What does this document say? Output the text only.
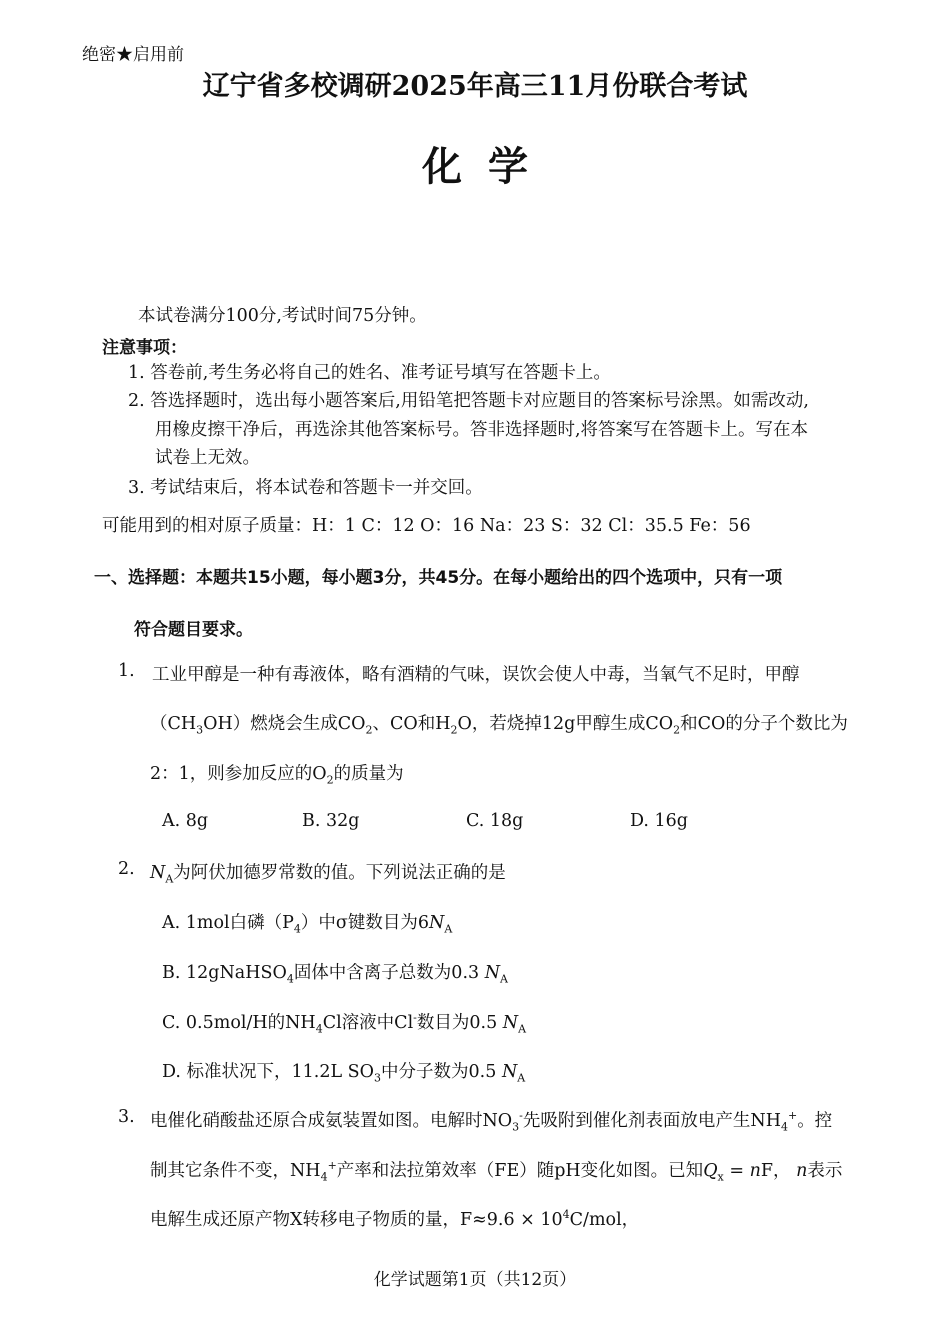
绝密★启用前
辽宁省多校调研2025年高三11月份联合考试
化学
本试卷满分100分,考试时间75分钟。
注意事项：
1. 答卷前,考生务必将自己的姓名、准考证号填写在答题卡上。
2. 答选择题时，选出每小题答案后,用铅笔把答题卡对应题目的答案标号涂黑。如需改动,
用橡皮擦干净后，再选涂其他答案标号。答非选择题时,将答案写在答题卡上。写在本
试卷上无效。
3. 考试结束后，将本试卷和答题卡一并交回。
可能用到的相对原子质量：H：1 C：12 O：16 Na：23 S：32 Cl：35.5 Fe：56
一、选择题：本题共15小题，每小题3分，共45分。在每小题给出的四个选项中，只有一项
符合题目要求。
1. 工业甲醇是一种有毒液体，略有酒精的气味，误饮会使人中毒，当氧气不足时，甲醇
$(CH_3OH)$燃烧会生成$CO_2$、CO和$H_2O$，若烧掉12g甲醇生成$CO_2$和CO的分子个数比为
2：1，则参加反应的$O_2$的质量为
A. 8g	B. 32g	C. 18g	D. 16g
2. $N_A$为阿伏加德罗常数的值。下列说法正确的是
A. 1mol白磷$(P_4)$中σ键数目为$6N_A$
B. 12gNaHSO$_4$固体中含离子总数为0.3 $N_A$
C. 0.5mol/H的$NH_4Cl$溶液中Cl-数目为0.5 $N_A$
D. 标准状况下，11.2L $SO_3$中分子数为0.5 $N_A$
3. 电催化硝酸盐还原合成氨装置如图。电解时$NO_3^-$先吸附到催化剂表面放电产生$NH_4^+$。控
制其它条件不变，$NH_4^+$产率和法拉第效率（FE）随pH变化如图。已知$Q_x$ = nF， n表示
电解生成还原产物X转移电子物质的量，$F\approx 9.6 \times 10^4C$/mol，
化学试题第1页（共12页）
